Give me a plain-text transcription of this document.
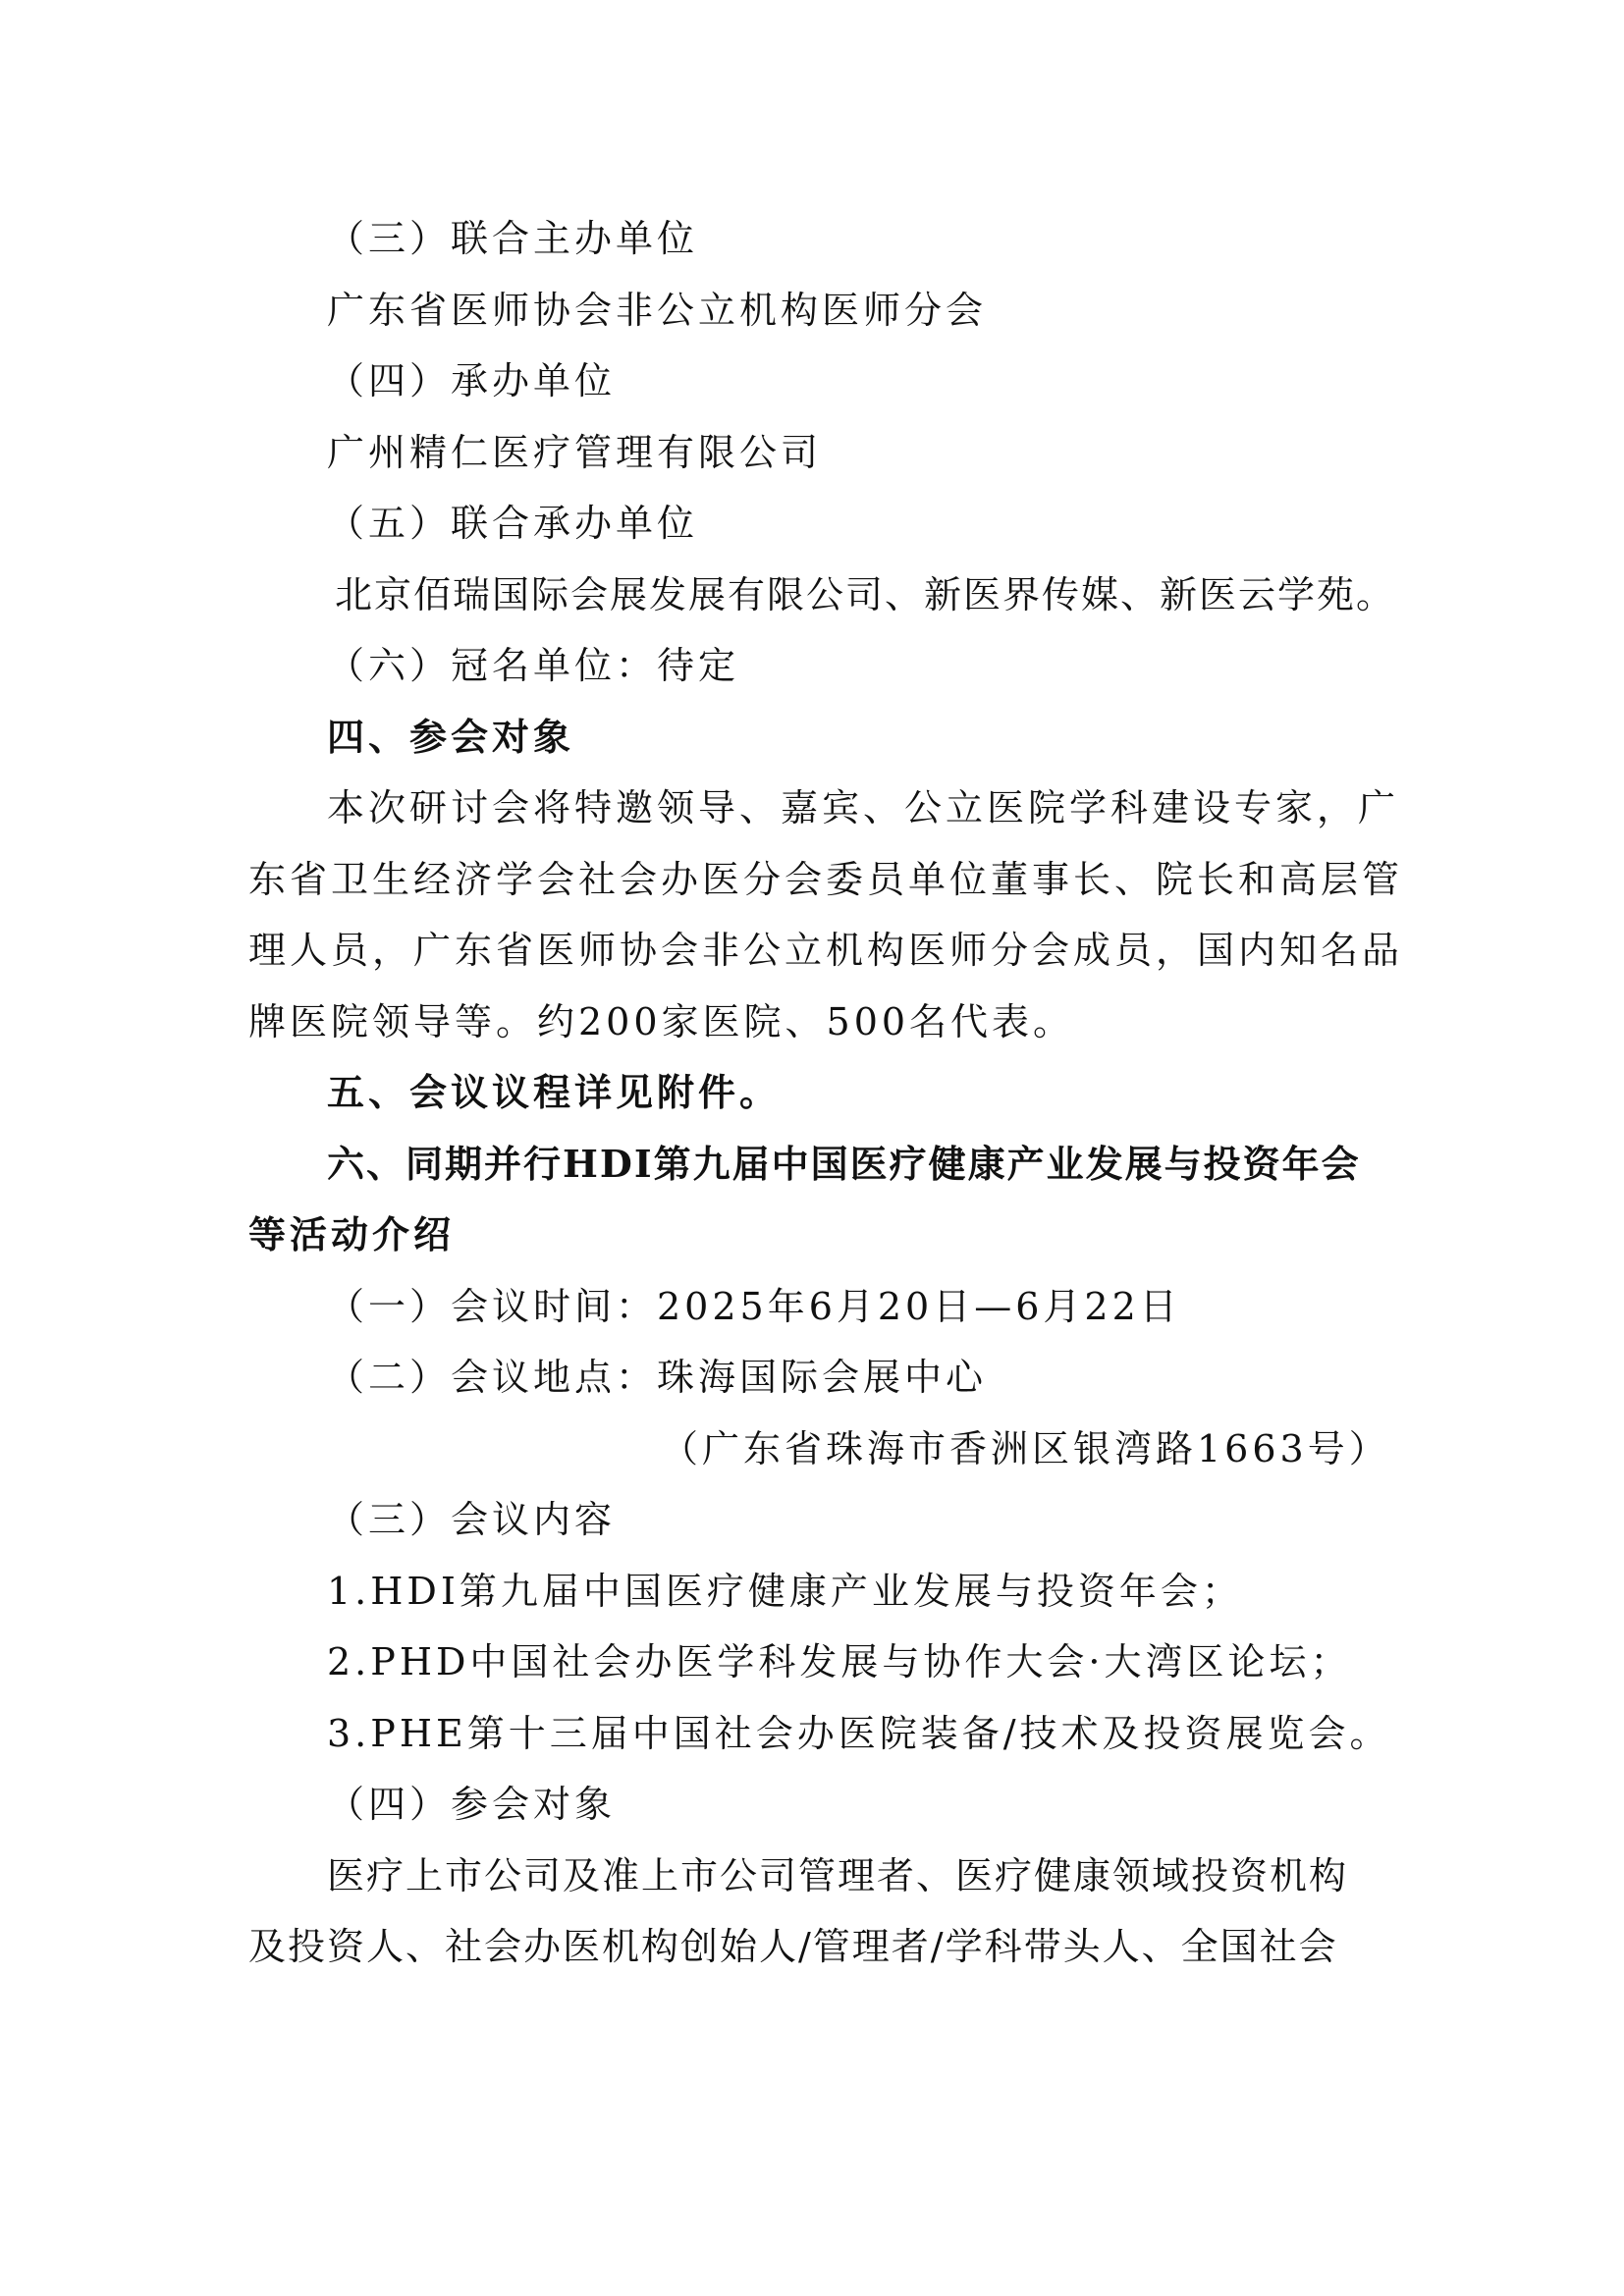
（三）联合主办单位
广东省医师协会非公立机构医师分会
（四）承办单位
广州精仁医疗管理有限公司
（五）联合承办单位
北京佰瑞国际会展发展有限公司、新医界传媒、新医云学苑。
（六）冠名单位：待定
四、参会对象
本次研讨会将特邀领导、嘉宾、公立医院学科建设专家，广
东省卫生经济学会社会办医分会委员单位董事长、院长和高层管
理人员，广东省医师协会非公立机构医师分会成员，国内知名品
牌医院领导等。约200家医院、500名代表。
五、会议议程详见附件。
六、同期并行HDI第九届中国医疗健康产业发展与投资年会
等活动介绍
（一）会议时间：2025年6月20日—6月22日
（二）会议地点：珠海国际会展中心
（广东省珠海市香洲区银湾路1663号）
（三）会议内容
1.HDI第九届中国医疗健康产业发展与投资年会；
2.PHD中国社会办医学科发展与协作大会·大湾区论坛；
3.PHE第十三届中国社会办医院装备/技术及投资展览会。
（四）参会对象
医疗上市公司及准上市公司管理者、医疗健康领域投资机构
及投资人、社会办医机构创始人/管理者/学科带头人、全国社会
